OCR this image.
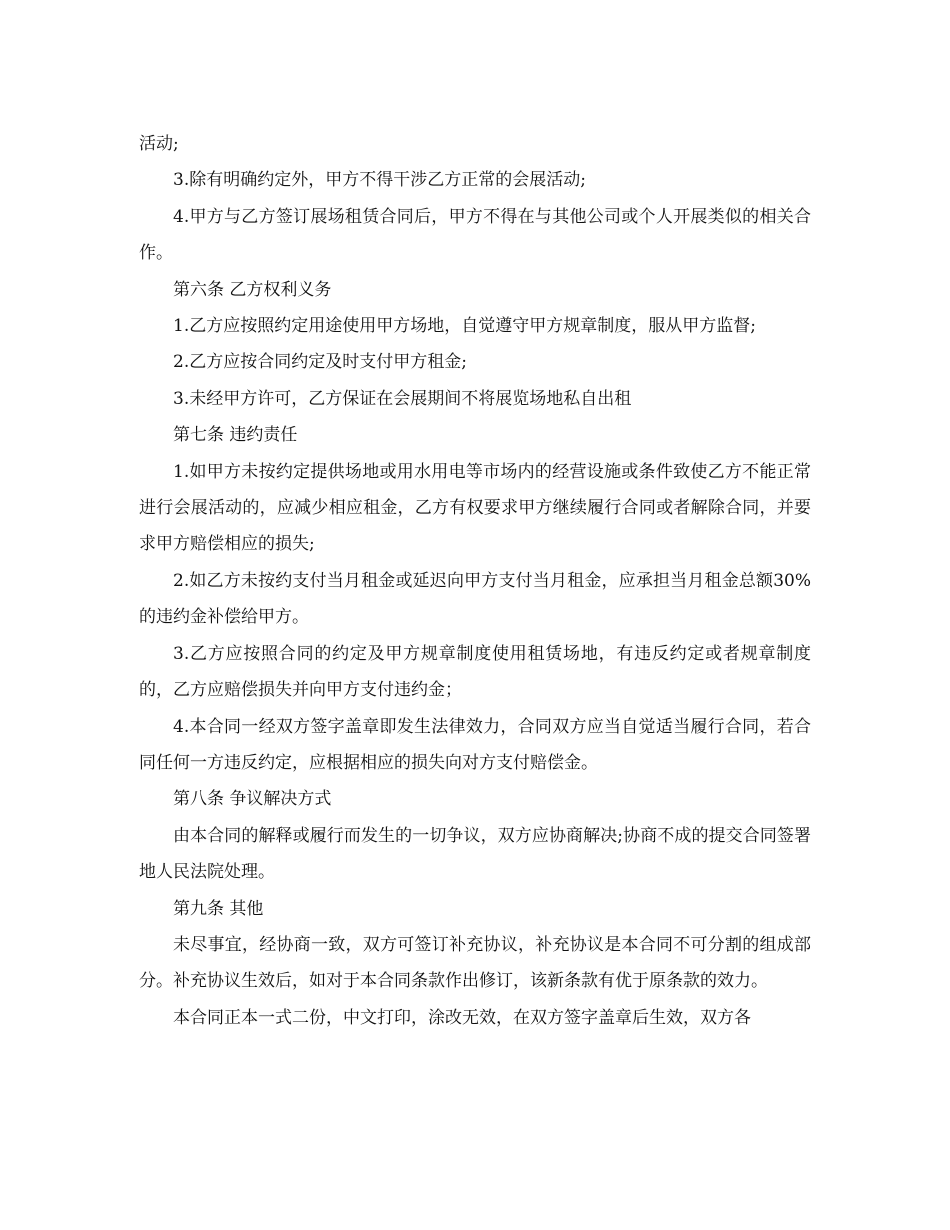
活动;

3.除有明确约定外，甲方不得干涉乙方正常的会展活动;

4.甲方与乙方签订展场租赁合同后，甲方不得在与其他公司或个人开展类似的相关合作。

第六条 乙方权利义务

1.乙方应按照约定用途使用甲方场地，自觉遵守甲方规章制度，服从甲方监督;

2.乙方应按合同约定及时支付甲方租金;

3.未经甲方许可，乙方保证在会展期间不将展览场地私自出租

第七条 违约责任

1.如甲方未按约定提供场地或用水用电等市场内的经营设施或条件致使乙方不能正常进行会展活动的，应减少相应租金，乙方有权要求甲方继续履行合同或者解除合同，并要求甲方赔偿相应的损失;

2.如乙方未按约支付当月租金或延迟向甲方支付当月租金，应承担当月租金总额30%的违约金补偿给甲方。

3.乙方应按照合同的约定及甲方规章制度使用租赁场地，有违反约定或者规章制度的，乙方应赔偿损失并向甲方支付违约金；

4.本合同一经双方签字盖章即发生法律效力，合同双方应当自觉适当履行合同，若合同任何一方违反约定，应根据相应的损失向对方支付赔偿金。

第八条 争议解决方式

由本合同的解释或履行而发生的一切争议，双方应协商解决;协商不成的提交合同签署地人民法院处理。

第九条 其他

未尽事宜，经协商一致，双方可签订补充协议，补充协议是本合同不可分割的组成部分。补充协议生效后，如对于本合同条款作出修订，该新条款有优于原条款的效力。

本合同正本一式二份，中文打印，涂改无效，在双方签字盖章后生效，双方各
